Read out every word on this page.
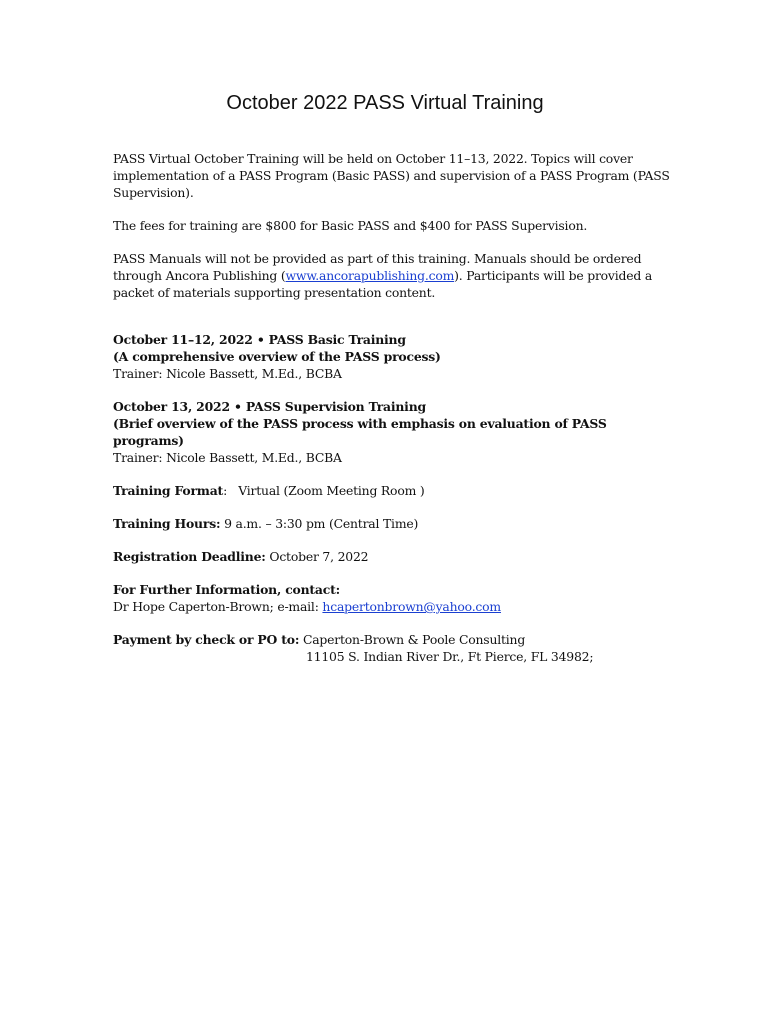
October 2022 PASS Virtual Training

PASS Virtual October Training will be held on October 11–13, 2022. Topics will cover implementation of a PASS Program (Basic PASS) and supervision of a PASS Program (PASS Supervision).

The fees for training are $800 for Basic PASS and $400 for PASS Supervision.

PASS Manuals will not be provided as part of this training. Manuals should be ordered through Ancora Publishing (www.ancorapublishing.com). Participants will be provided a packet of materials supporting presentation content.

October 11–12, 2022 • PASS Basic Training

(A comprehensive overview of the PASS process)

Trainer: Nicole Bassett, M.Ed., BCBA

October 13, 2022 • PASS Supervision Training

(Brief overview of the PASS process with emphasis on evaluation of PASS programs)

Trainer: Nicole Bassett, M.Ed., BCBA

Training Format:   Virtual (Zoom Meeting Room )

Training Hours: 9 a.m. – 3:30 pm (Central Time)

Registration Deadline: October 7, 2022

For Further Information, contact:

Dr Hope Caperton-Brown; e-mail: hcapertonbrown@yahoo.com

Payment by check or PO to: Caperton-Brown & Poole Consulting

11105 S. Indian River Dr., Ft Pierce, FL 34982;
